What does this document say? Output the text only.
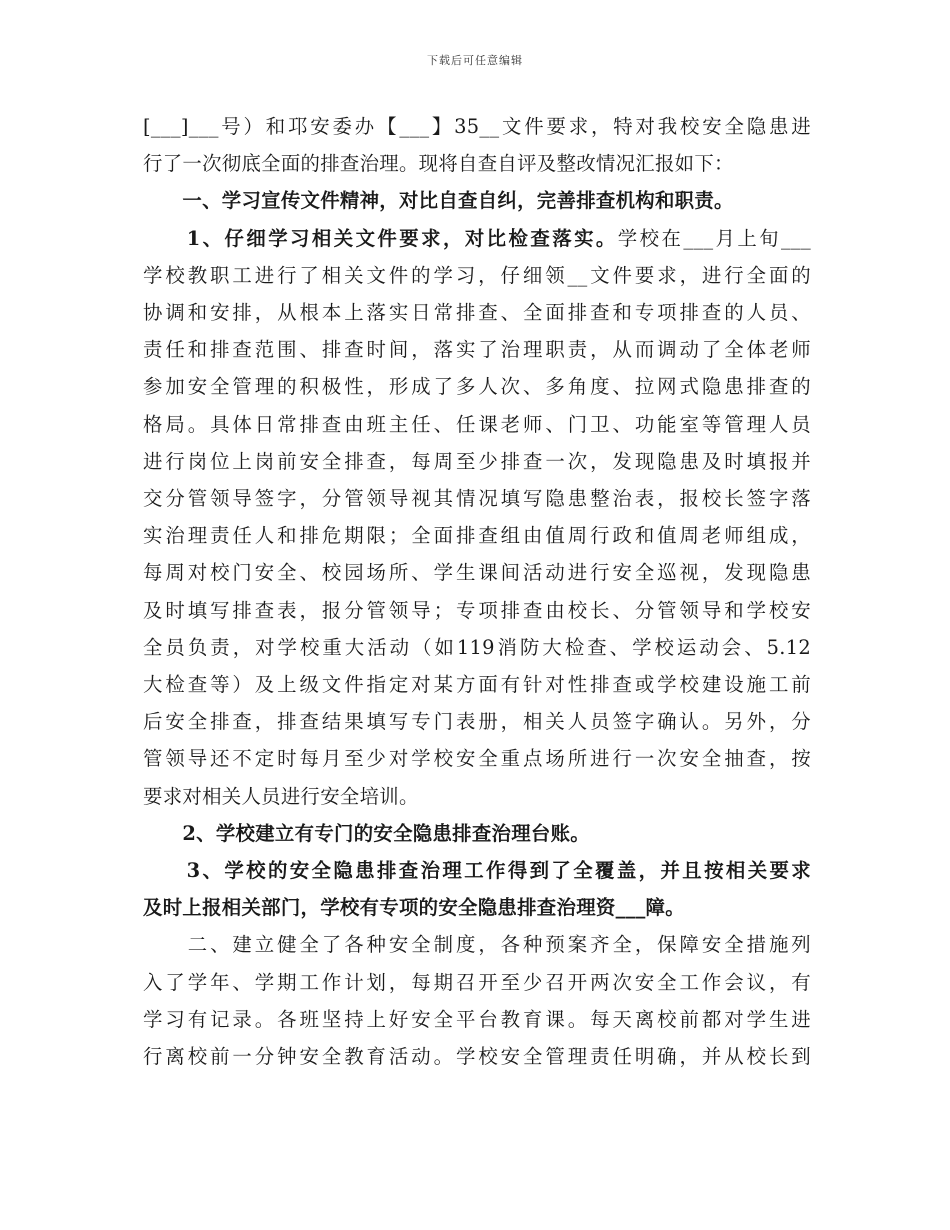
下载后可任意编辑

[___]___号）和邛安委办【___】35__文件要求，特对我校安全隐患进
行了一次彻底全面的排查治理。现将自查自评及整改情况汇报如下：

　　一、学习宣传文件精神，对比自查自纠，完善排查机构和职责。

　　1、仔细学习相关文件要求，对比检查落实。学校在___月上旬___
学校教职工进行了相关文件的学习，仔细领__文件要求，进行全面的
协调和安排，从根本上落实日常排查、全面排查和专项排查的人员、
责任和排查范围、排查时间，落实了治理职责，从而调动了全体老师
参加安全管理的积极性，形成了多人次、多角度、拉网式隐患排查的
格局。具体日常排查由班主任、任课老师、门卫、功能室等管理人员
进行岗位上岗前安全排查，每周至少排查一次，发现隐患及时填报并
交分管领导签字，分管领导视其情况填写隐患整治表，报校长签字落
实治理责任人和排危期限；全面排查组由值周行政和值周老师组成，
每周对校门安全、校园场所、学生课间活动进行安全巡视，发现隐患
及时填写排查表，报分管领导；专项排查由校长、分管领导和学校安
全员负责，对学校重大活动（如119消防大检查、学校运动会、5.12
大检查等）及上级文件指定对某方面有针对性排查或学校建设施工前
后安全排查，排查结果填写专门表册，相关人员签字确认。另外，分
管领导还不定时每月至少对学校安全重点场所进行一次安全抽查，按
要求对相关人员进行安全培训。

　　2、学校建立有专门的安全隐患排查治理台账。

　　3、学校的安全隐患排查治理工作得到了全覆盖，并且按相关要求
及时上报相关部门，学校有专项的安全隐患排查治理资___障。

　　二、建立健全了各种安全制度，各种预案齐全，保障安全措施列
入了学年、学期工作计划，每期召开至少召开两次安全工作会议，有
学习有记录。各班坚持上好安全平台教育课。每天离校前都对学生进
行离校前一分钟安全教育活动。学校安全管理责任明确，并从校长到
